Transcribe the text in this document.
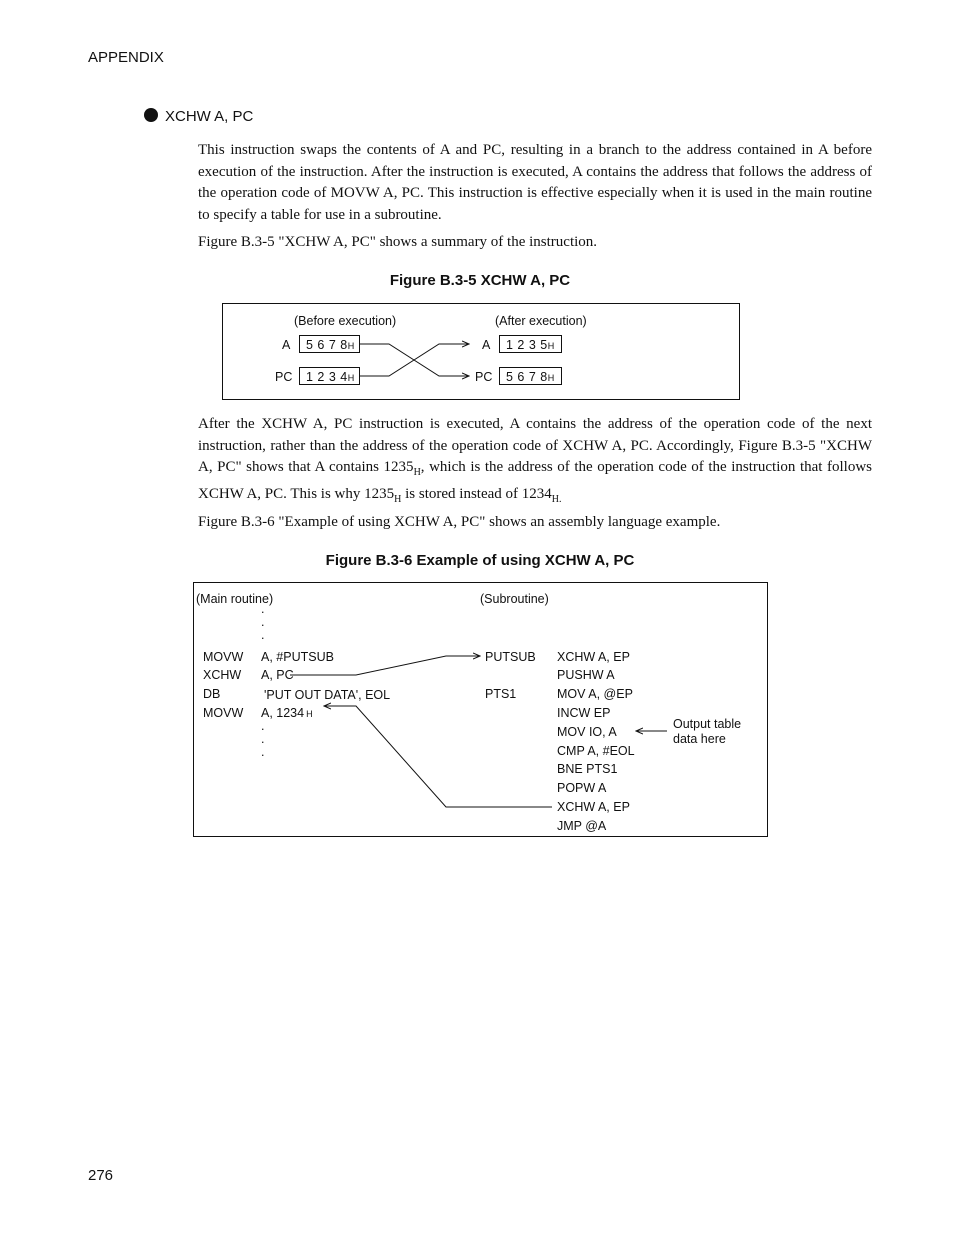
APPENDIX
XCHW A, PC
This instruction swaps the contents of A and PC, resulting in a branch to the address contained in A before execution of the instruction. After the instruction is executed, A contains the address that follows the address of the operation code of MOVW A, PC. This instruction is effective especially when it is used in the main routine to specify a table for use in a subroutine.
Figure B.3-5 "XCHW A, PC" shows a summary of the instruction.
Figure B.3-5 XCHW A, PC
(Before execution)	(After execution)
A	5 6 7 8H
PC	1 2 3 4H
A	1 2 3 5H
PC	5 6 7 8H
After the XCHW A, PC instruction is executed, A contains the address of the operation code of the next instruction, rather than the address of the operation code of XCHW A, PC. Accordingly, Figure B.3-5 "XCHW A, PC" shows that A contains $1235_H$, which is the address of the operation code of the instruction that follows XCHW A, PC. This is why $1235_H$ is stored instead of $1234_{H.}$
Figure B.3-6 "Example of using XCHW A, PC" shows an assembly language example.
Figure B.3-6 Example of using XCHW A, PC
(Main routine)	(Subroutine)
.
.
.
MOVW A, #PUTSUB
XCHW A, PC
DB	'PUT OUT DATA', EOL
MOVW A, 1234 H
.
.
.
PUTSUB
PTS1
XCHW A, EP
PUSHW A
MOV A, @EP
INCW EP
MOV IO, A
CMP A, #EOL
BNE PTS1
POPW A
XCHW A, EP
JMP @A
Output table
data here
276
